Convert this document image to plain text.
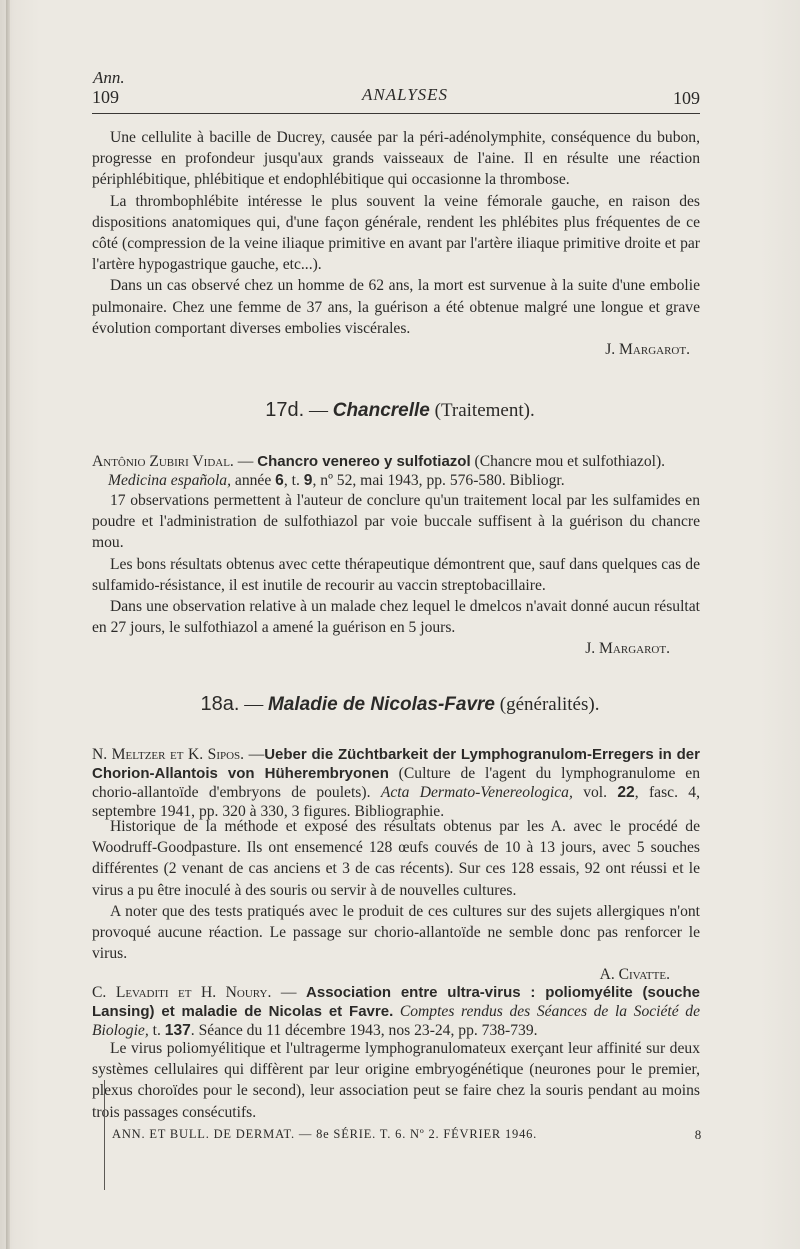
Ann.
109	ANALYSES	109

Une cellulite à bacille de Ducrey, causée par la péri-adénolymphite, conséquence du bubon, progresse en profondeur jusqu'aux grands vaisseaux de l'aine. Il en résulte une réaction périphlébitique, phlébitique et endophlébitique qui occasionne la thrombose.

La thrombophlébite intéresse le plus souvent la veine fémorale gauche, en raison des dispositions anatomiques qui, d'une façon générale, rendent les phlébites plus fréquentes de ce côté (compression de la veine iliaque primitive en avant par l'artère iliaque primitive droite et par l'artère hypogastrique gauche, etc...).

Dans un cas observé chez un homme de 62 ans, la mort est survenue à la suite d'une embolie pulmonaire. Chez une femme de 37 ans, la guérison a été obtenue malgré une longue et grave évolution comportant diverses embolies viscérales.

J. Margarot.

17d. — Chancrelle (Traitement).

Antônio Zubiri Vidal. — Chancro venereo y sulfotiazol (Chancre mou et sulfothiazol).

Medicina española, année 6, t. 9, nº 52, mai 1943, pp. 576-580. Bibliogr.

17 observations permettent à l'auteur de conclure qu'un traitement local par les sulfamides en poudre et l'administration de sulfothiazol par voie buccale suffisent à la guérison du chancre mou.

Les bons résultats obtenus avec cette thérapeutique démontrent que, sauf dans quelques cas de sulfamido-résistance, il est inutile de recourir au vaccin streptobacillaire.

Dans une observation relative à un malade chez lequel le dmelcos n'avait donné aucun résultat en 27 jours, le sulfothiazol a amené la guérison en 5 jours.

J. Margarot.

18a. — Maladie de Nicolas-Favre (généralités).

N. Meltzer et K. Sipos. —Ueber die Züchtbarkeit der Lymphogranulom-Erregers in der Chorion-Allantois von Hüherembryonen (Culture de l'agent du lymphogranulome en chorio-allantoïde d'embryons de poulets). Acta Dermato-Venereologica, vol. 22, fasc. 4, septembre 1941, pp. 320 à 330, 3 figures. Bibliographie.

Historique de la méthode et exposé des résultats obtenus par les A. avec le procédé de Woodruff-Goodpasture. Ils ont ensemencé 128 œufs couvés de 10 à 13 jours, avec 5 souches différentes (2 venant de cas anciens et 3 de cas récents). Sur ces 128 essais, 92 ont réussi et le virus a pu être inoculé à des souris ou servir à de nouvelles cultures.

A noter que des tests pratiqués avec le produit de ces cultures sur des sujets allergiques n'ont provoqué aucune réaction. Le passage sur chorio-allantoïde ne semble donc pas renforcer le virus.

A. Civatte.

C. Levaditi et H. Noury. — Association entre ultra-virus : poliomyélite (souche Lansing) et maladie de Nicolas et Favre. Comptes rendus des Séances de la Société de Biologie, t. 137. Séance du 11 décembre 1943, nos 23-24, pp. 738-739.

Le virus poliomyélitique et l'ultragerme lymphogranulomateux exerçant leur affinité sur deux systèmes cellulaires qui diffèrent par leur origine embryogénétique (neurones pour le premier, plexus choroïdes pour le second), leur association peut se faire chez la souris pendant au moins trois passages consécutifs.

ANN. ET BULL. DE DERMAT. — 8e SÉRIE. T. 6. Nº 2. FÉVRIER 1946.	8
